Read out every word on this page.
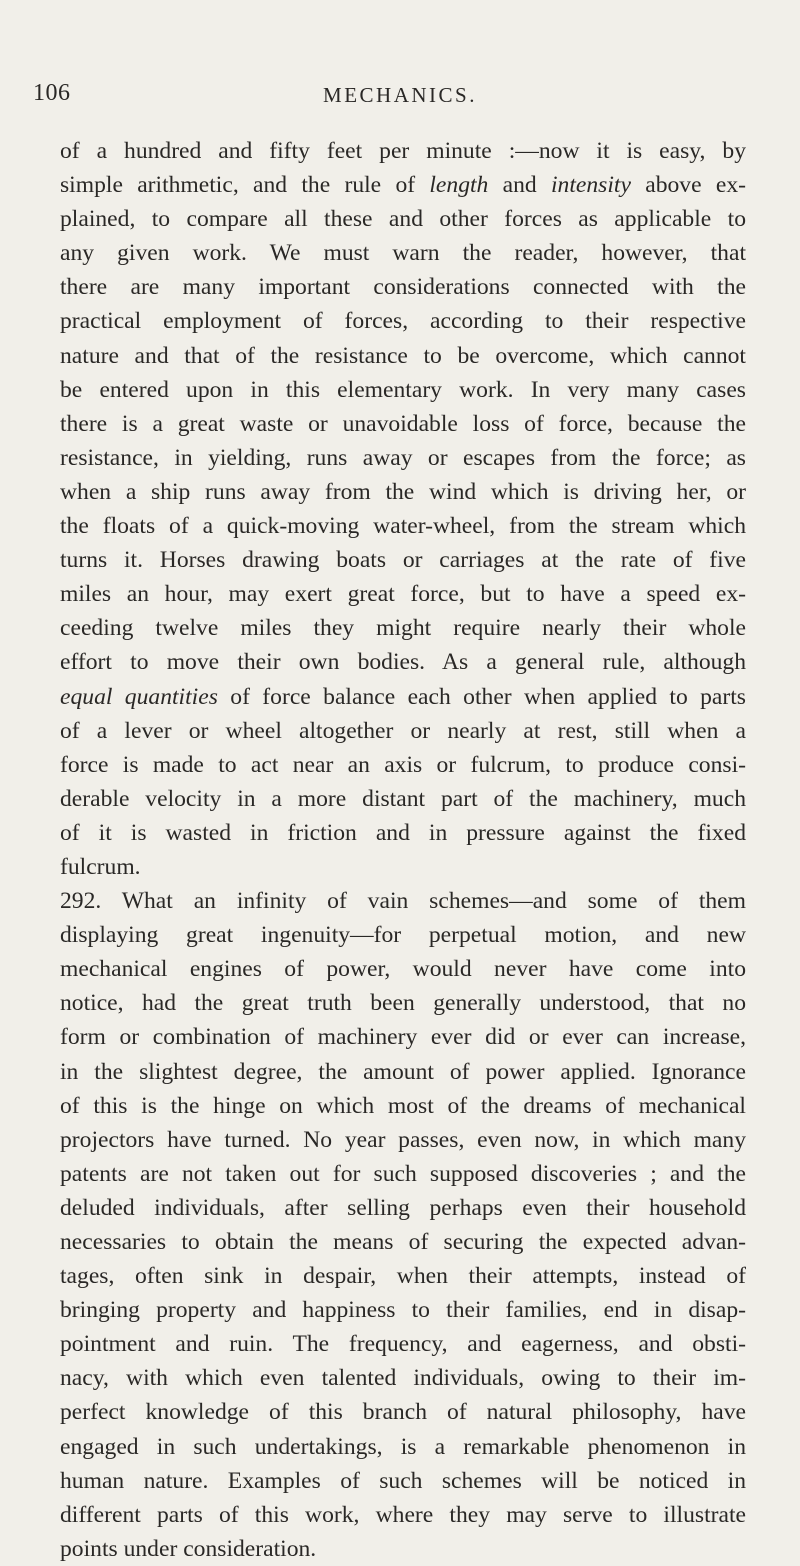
106	MECHANICS.
of a hundred and fifty feet per minute :—now it is easy, by
simple arithmetic, and the rule of length and intensity above ex-
plained, to compare all these and other forces as applicable to
any given work. We must warn the reader, however, that
there are many important considerations connected with the
practical employment of forces, according to their respective
nature and that of the resistance to be overcome, which cannot
be entered upon in this elementary work. In very many cases
there is a great waste or unavoidable loss of force, because the
resistance, in yielding, runs away or escapes from the force; as
when a ship runs away from the wind which is driving her, or
the floats of a quick-moving water-wheel, from the stream which
turns it. Horses drawing boats or carriages at the rate of five
miles an hour, may exert great force, but to have a speed ex-
ceeding twelve miles they might require nearly their whole
effort to move their own bodies. As a general rule, although
equal quantities of force balance each other when applied to parts
of a lever or wheel altogether or nearly at rest, still when a
force is made to act near an axis or fulcrum, to produce consi-
derable velocity in a more distant part of the machinery, much
of it is wasted in friction and in pressure against the fixed
fulcrum.
292. What an infinity of vain schemes—and some of them
displaying great ingenuity—for perpetual motion, and new
mechanical engines of power, would never have come into
notice, had the great truth been generally understood, that no
form or combination of machinery ever did or ever can increase,
in the slightest degree, the amount of power applied. Ignorance
of this is the hinge on which most of the dreams of mechanical
projectors have turned. No year passes, even now, in which many
patents are not taken out for such supposed discoveries ; and the
deluded individuals, after selling perhaps even their household
necessaries to obtain the means of securing the expected advan-
tages, often sink in despair, when their attempts, instead of
bringing property and happiness to their families, end in disap-
pointment and ruin. The frequency, and eagerness, and obsti-
nacy, with which even talented individuals, owing to their im-
perfect knowledge of this branch of natural philosophy, have
engaged in such undertakings, is a remarkable phenomenon in
human nature. Examples of such schemes will be noticed in
different parts of this work, where they may serve to illustrate
points under consideration.
